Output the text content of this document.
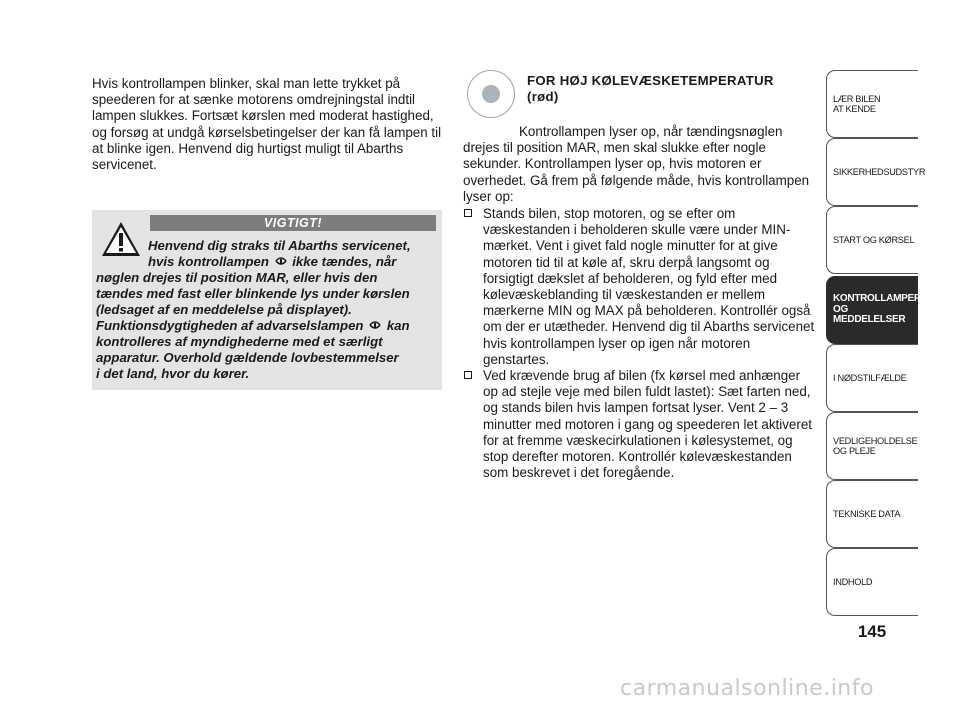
Hvis kontrollampen blinker, skal man lette trykket på speederen for at sænke motorens omdrejningstal indtil lampen slukkes. Fortsæt kørslen med moderat hastighed, og forsøg at undgå kørselsbetingelser der kan få lampen til at blinke igen. Henvend dig hurtigst muligt til Abarths servicenet.
VIGTIGT!
Henvend dig straks til Abarths servicenet,
hvis kontrollampen ikke tændes, når
nøglen drejes til position MAR, eller hvis den
tændes med fast eller blinkende lys under kørslen
(ledsaget af en meddelelse på displayet).
Funktionsdygtigheden af advarselslampen kan
kontrolleres af myndighederne med et særligt
apparatur. Overhold gældende lovbestemmelser
i det land, hvor du kører.
FOR HØJ KØLEVÆSKETEMPERATUR
(rød)
Kontrollampen lyser op, når tændingsnøglen drejes til position MAR, men skal slukke efter nogle sekunder. Kontrollampen lyser op, hvis motoren er overhedet. Gå frem på følgende måde, hvis kontrollampen lyser op:

Stands bilen, stop motoren, og se efter om væskestanden i beholderen skulle være under MIN-mærket. Vent i givet fald nogle minutter for at give motoren tid til at køle af, skru derpå langsomt og forsigtigt dækslet af beholderen, og fyld efter med kølevæskeblanding til væskestanden er mellem mærkerne MIN og MAX på beholderen. Kontrollér også om der er utætheder. Henvend dig til Abarths servicenet hvis kontrollampen lyser op igen når motoren genstartes.

Ved krævende brug af bilen (fx kørsel med anhænger op ad stejle veje med bilen fuldt lastet): Sæt farten ned, og stands bilen hvis lampen fortsat lyser. Vent 2 – 3 minutter med motoren i gang og speederen let aktiveret for at fremme væskecirkulationen i kølesystemet, og stop derefter motoren. Kontrollér kølevæskestanden som beskrevet i det foregående.

LÆR BILEN
AT KENDE
SIKKERHEDSUDSTYR
START OG KØRSEL
KONTROLLAMPER
OG MEDDELELSER
I NØDSTILFÆLDE
VEDLIGEHOLDELSE
OG PLEJE
TEKNISKE DATA
INDHOLD
145
carmanualsonline.info
